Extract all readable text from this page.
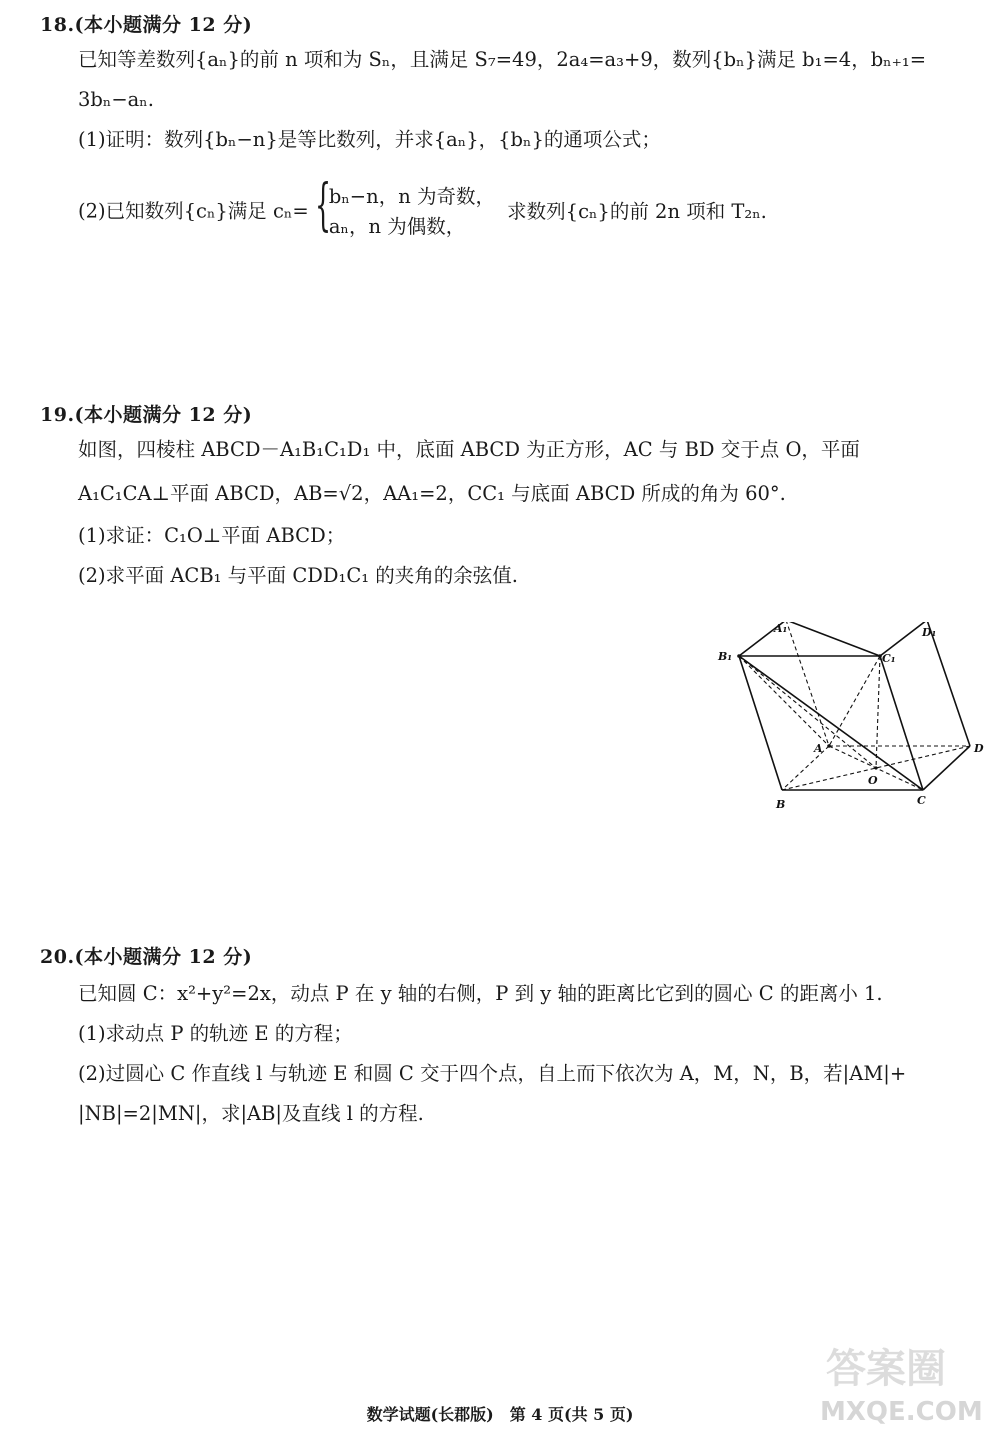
18.(本小题满分 12 分)
已知等差数列{aₙ}的前 n 项和为 Sₙ，且满足 S₇=49，2a₄=a₃+9，数列{bₙ}满足 b₁=4，bₙ₊₁=
3bₙ−aₙ.
(1)证明：数列{bₙ−n}是等比数列，并求{aₙ}，{bₙ}的通项公式；
(2)已知数列{cₙ}满足 cₙ= {
bₙ−n，n 为奇数，
aₙ，n 为偶数，
求数列{cₙ}的前 2n 项和 T₂ₙ.
19.(本小题满分 12 分)
如图，四棱柱 ABCD－A₁B₁C₁D₁ 中，底面 ABCD 为正方形，AC 与 BD 交于点 O，平面
A₁C₁CA⊥平面 ABCD，AB=√2，AA₁=2，CC₁ 与底面 ABCD 所成的角为 60°.
(1)求证：C₁O⊥平面 ABCD；
(2)求平面 ACB₁ 与平面 CDD₁C₁ 的夹角的余弦值.
A₁	D₁
B₁	C₁
A	D
O
B	C
20.(本小题满分 12 分)
已知圆 C：x²+y²=2x，动点 P 在 y 轴的右侧，P 到 y 轴的距离比它到的圆心 C 的距离小 1.
(1)求动点 P 的轨迹 E 的方程；
(2)过圆心 C 作直线 l 与轨迹 E 和圆 C 交于四个点，自上而下依次为 A，M，N，B，若|AM|+
|NB|=2|MN|，求|AB|及直线 l 的方程.
答案圈
MXQE.COM
数学试题(长郡版)　第 4 页(共 5 页)
